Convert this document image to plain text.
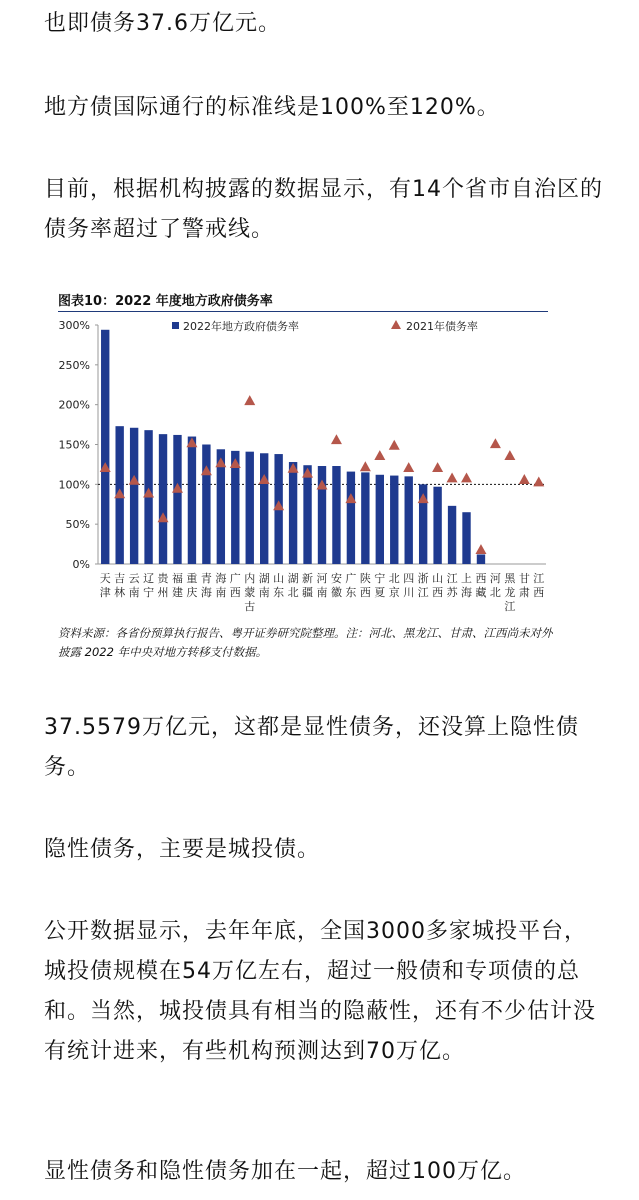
也即债务37.6万亿元。

地方债国际通行的标准线是100%至120%。

目前，根据机构披露的数据显示，有14个省市自治区的债务率超过了警戒线。

图表10：2022 年度地方政府债务率

0%
50%
100%
150%
200%
250%
300%
天津
吉林
云南
辽宁
贵州
福建
重庆
青海
海南
广西
内蒙古
湖南
山东
湖北
新疆
河南
安徽
广东
陕西
宁夏
北京
四川
浙江
山西
江苏
上海
西藏
河北
黑龙江
甘肃
江西
2022年地方政府债务率	2021年债务率

资料来源：各省份预算执行报告、粤开证券研究院整理。注：河北、黑龙江、甘肃、江西尚未对外披露 2022 年中央对地方转移支付数据。

37.5579万亿元，这都是显性债务，还没算上隐性债务。

隐性债务，主要是城投债。

公开数据显示，去年年底，全国3000多家城投平台，城投债规模在54万亿左右，超过一般债和专项债的总和。当然，城投债具有相当的隐蔽性，还有不少估计没有统计进来，有些机构预测达到70万亿。

显性债务和隐性债务加在一起，超过100万亿。
